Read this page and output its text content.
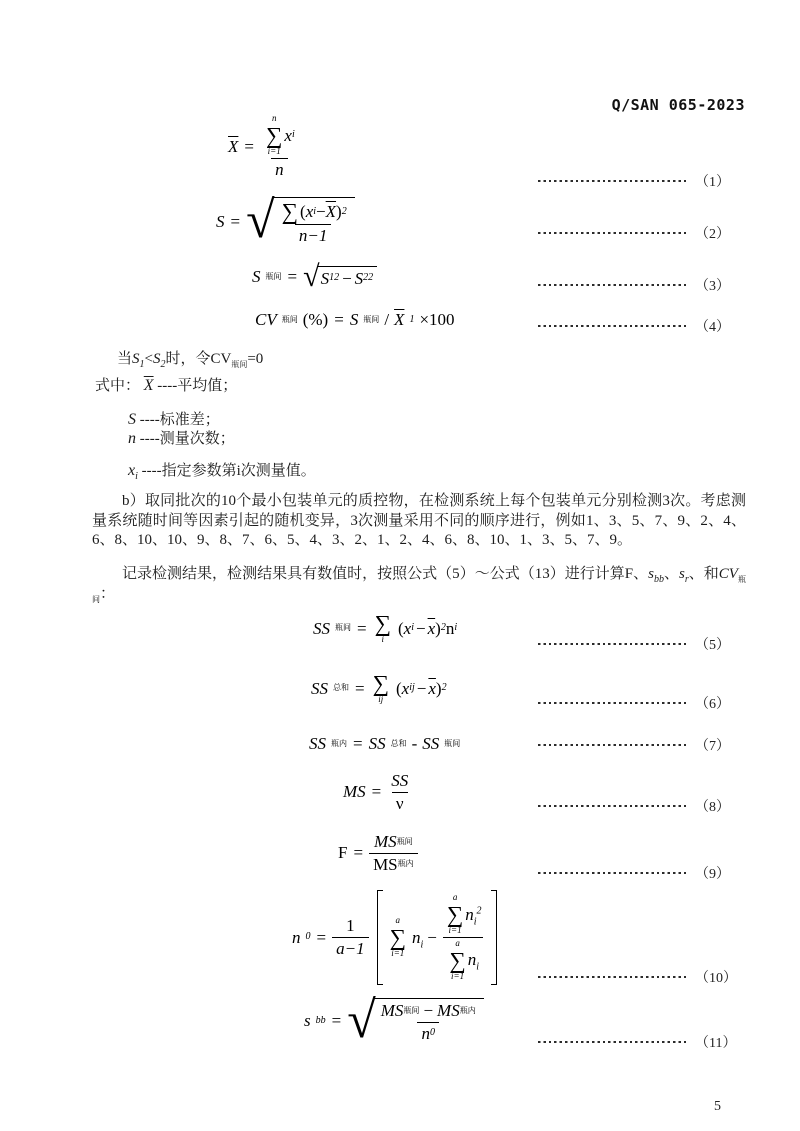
Q/SAN 065-2023
$\overline{X} = n$
∑
i=1
x i
n
（1）
S = √ $\frac{\sum ( x i - \overline{X} ) 2}{n-1}$	（2）
S 瓶间 = √ S 1 2 − S 2 2
（3）
CV 瓶间 (%) = S 瓶间 / $\overline{X}$ 1 ×100	（4）
当$S_1<S_2$时，令$CV_{瓶间}=0$
式中： $\overline{X}$ ----平均值；
S ----标准差；
n ----测量次数；
$x_i$ ----指定参数第i次测量值。
b）取同批次的10个最小包装单元的质控物，在检测系统上每个包装单元分别检测3次。考虑测量系统随时间等因素引起的随机变异，3次测量采用不同的顺序进行，例如1、3、5、7、9、2、4、6、8、10、10、9、8、7、6、5、4、3、2、1、2、4、6、8、10、1、3、5、7、9。
记录检测结果，检测结果具有数值时，按照公式（5）～公式（13）进行计算F、$s_{bb}$、$s_r$、和$CV_{瓶间}$：
SS 瓶间 = ∑
i
( x $i - \overline{x}$ ) 2 n i
（5）
SS 总和 = ∑
ij
( x ij − $\overline{x}$ ) 2
（6）
SS 瓶内 = SS 总和 - SS 瓶间	（7）
MS = $\frac{SS}{\nu}$	（8）
$F = \frac{\text{MS 瓶间}}{\text{MS 瓶内}}$
（9）
n $0 = \frac{1}{a-1}$	a
∑
i=1
$n_i$ −
a
∑
i=1
$n_i^2$
a
∑
i=1
$n_i$
（10）
s bb = √ $\frac{\text{MS 瓶间 − MS 瓶内}}{n 0}$
（11）
5
